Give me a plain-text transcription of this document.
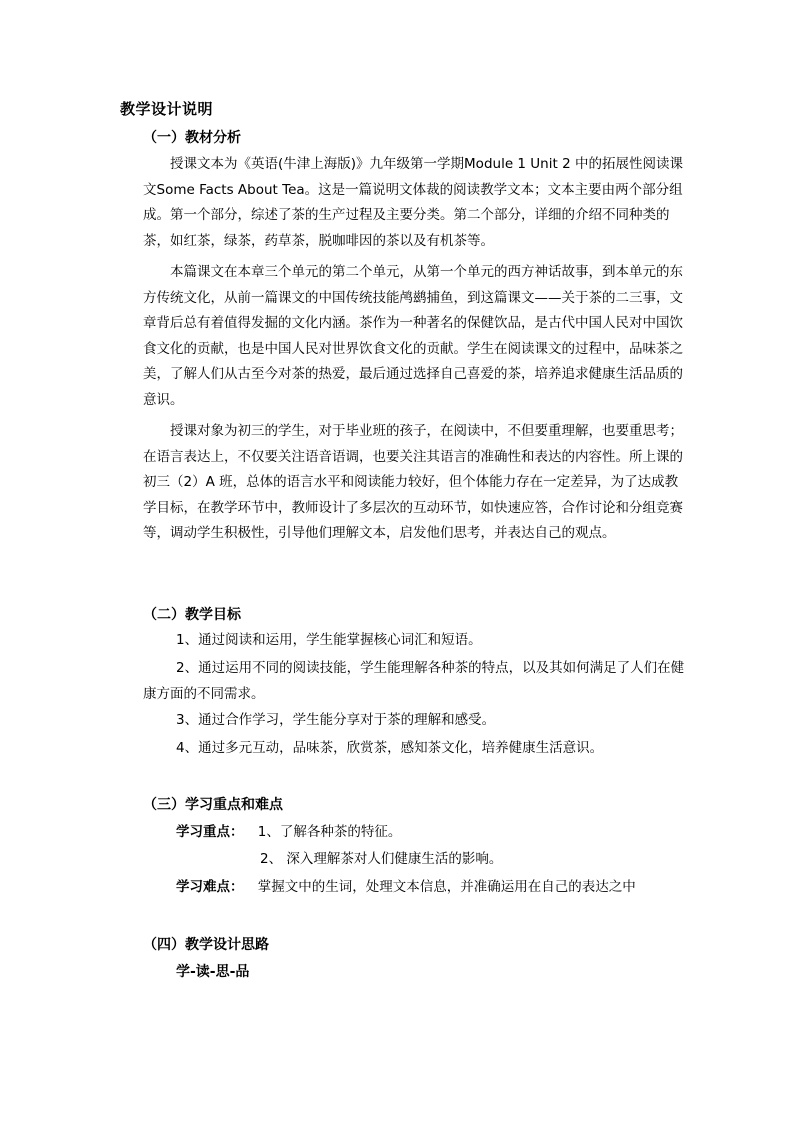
教学设计说明
（一）教材分析

授课文本为《英语(牛津上海版)》九年级第一学期Module 1 Unit 2 中的拓展性阅读课文Some Facts About Tea。这是一篇说明文体裁的阅读教学文本；文本主要由两个部分组成。第一个部分，综述了茶的生产过程及主要分类。第二个部分，详细的介绍不同种类的茶，如红茶，绿茶，药草茶，脱咖啡因的茶以及有机茶等。

本篇课文在本章三个单元的第二个单元，从第一个单元的西方神话故事，到本单元的东方传统文化，从前一篇课文的中国传统技能鸬鹚捕鱼，到这篇课文——关于茶的二三事，文章背后总有着值得发掘的文化内涵。茶作为一种著名的保健饮品，是古代中国人民对中国饮食文化的贡献，也是中国人民对世界饮食文化的贡献。学生在阅读课文的过程中，品味茶之美，了解人们从古至今对茶的热爱，最后通过选择自己喜爱的茶，培养追求健康生活品质的意识。

授课对象为初三的学生，对于毕业班的孩子，在阅读中，不但要重理解，也要重思考；在语言表达上，不仅要关注语音语调，也要关注其语言的准确性和表达的内容性。所上课的初三（2）A 班，总体的语言水平和阅读能力较好，但个体能力存在一定差异，为了达成教学目标，在教学环节中，教师设计了多层次的互动环节，如快速应答，合作讨论和分组竞赛等，调动学生积极性，引导他们理解文本，启发他们思考，并表达自己的观点。

（二）教学目标
1、通过阅读和运用，学生能掌握核心词汇和短语。
2、通过运用不同的阅读技能，学生能理解各种茶的特点，以及其如何满足了人们在健康方面的不同需求。
3、通过合作学习，学生能分享对于茶的理解和感受。
4、通过多元互动，品味茶，欣赏茶，感知茶文化，培养健康生活意识。
（三）学习重点和难点
学习重点： 1、了解各种茶的特征。
2、 深入理解茶对人们健康生活的影响。
学习难点： 掌握文中的生词，处理文本信息，并准确运用在自己的表达之中
（四）教学设计思路
学-读-思-品
